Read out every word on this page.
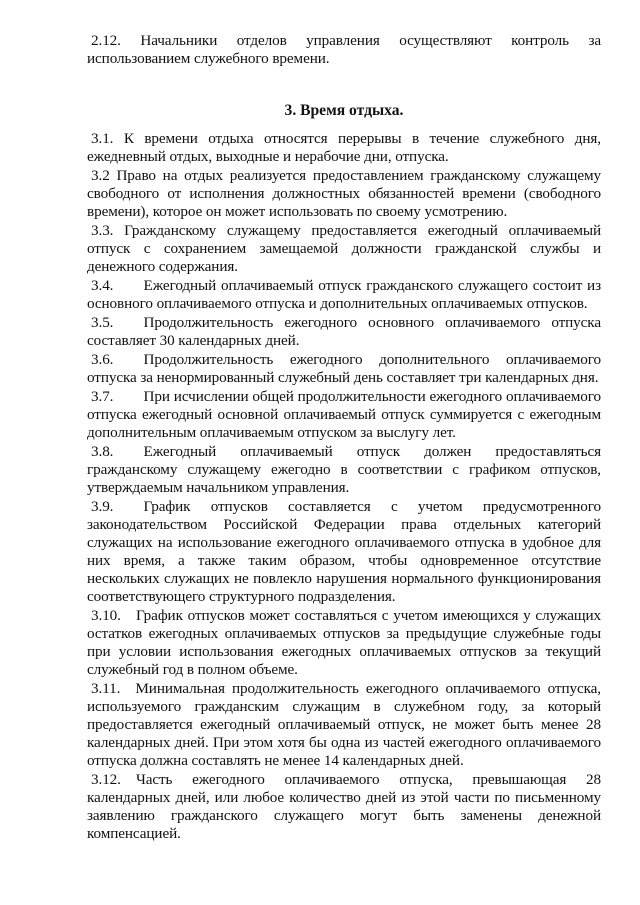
2.12. Начальники отделов управления осуществляют контроль за использованием служебного времени.

3. Время отдыха.

3.1. К времени отдыха относятся перерывы в течение служебного дня, ежедневный отдых, выходные и нерабочие дни, отпуска.

3.2 Право на отдых реализуется предоставлением гражданскому служащему свободного от исполнения должностных обязанностей времени (свободного времени), которое он может использовать по своему усмотрению.

3.3. Гражданскому служащему предоставляется ежегодный оплачиваемый отпуск с сохранением замещаемой должности гражданской службы и денежного содержания.

3.4.  Ежегодный оплачиваемый отпуск гражданского служащего состоит из основного оплачиваемого отпуска и дополнительных оплачиваемых отпусков.

3.5.  Продолжительность ежегодного основного оплачиваемого отпуска составляет 30 календарных дней.

3.6.  Продолжительность ежегодного дополнительного оплачиваемого отпуска за ненормированный служебный день составляет три календарных дня.

3.7.  При исчислении общей продолжительности ежегодного оплачиваемого отпуска ежегодный основной оплачиваемый отпуск суммируется с ежегодным дополнительным оплачиваемым отпуском за выслугу лет.

3.8.  Ежегодный оплачиваемый отпуск должен предоставляться гражданскому служащему ежегодно в соответствии с графиком отпусков, утверждаемым начальником управления.

3.9.  График отпусков составляется с учетом предусмотренного законодательством Российской Федерации права отдельных категорий служащих на использование ежегодного оплачиваемого отпуска в удобное для них время, а также таким образом, чтобы одновременное отсутствие нескольких служащих не повлекло нарушения нормального функционирования соответствующего структурного подразделения.

3.10. График отпусков может составляться с учетом имеющихся у служащих остатков ежегодных оплачиваемых отпусков за предыдущие служебные годы при условии использования ежегодных оплачиваемых отпусков за текущий служебный год в полном объеме.

3.11. Минимальная продолжительность ежегодного оплачиваемого отпуска, используемого гражданским служащим в служебном году, за который предоставляется ежегодный оплачиваемый отпуск, не может быть менее 28 календарных дней. При этом хотя бы одна из частей ежегодного оплачиваемого отпуска должна составлять не менее 14 календарных дней.

3.12. Часть ежегодного оплачиваемого отпуска, превышающая 28 календарных дней, или любое количество дней из этой части по письменному заявлению гражданского служащего могут быть заменены денежной компенсацией.
